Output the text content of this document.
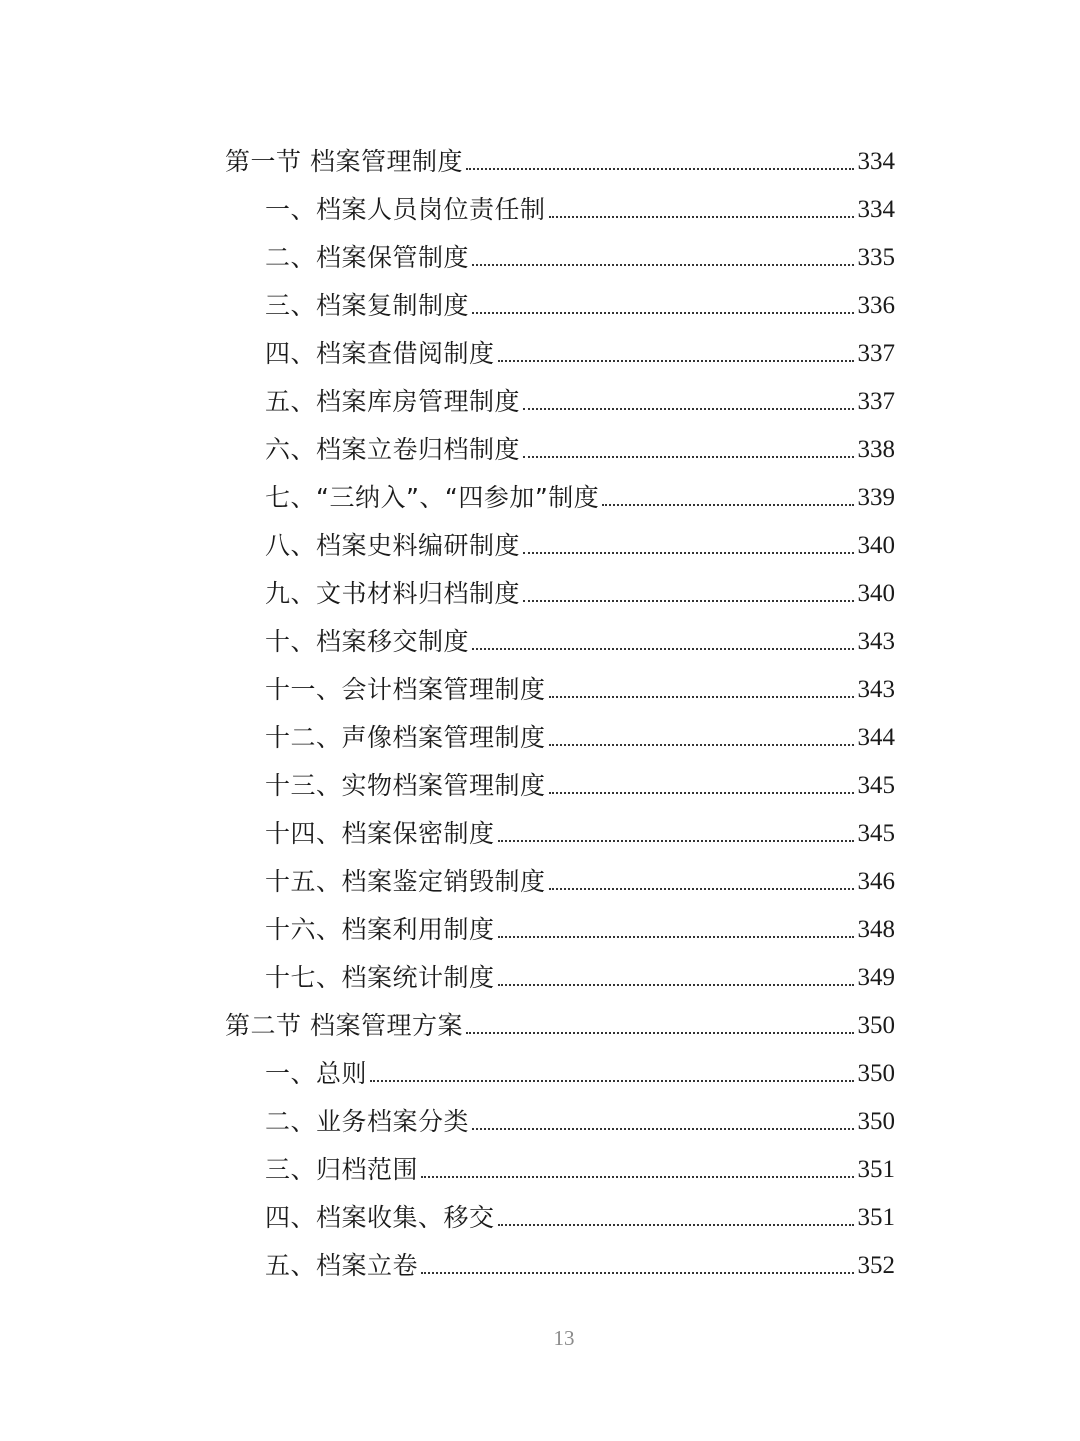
第一节 档案管理制度	334
一、档案人员岗位责任制	334
二、档案保管制度	335
三、档案复制制度	336
四、档案查借阅制度	337
五、档案库房管理制度	337
六、档案立卷归档制度	338
七、“三纳入”、“四参加”制度	339
八、档案史料编研制度	340
九、文书材料归档制度	340
十、档案移交制度	343
十一、会计档案管理制度	343
十二、声像档案管理制度	344
十三、实物档案管理制度	345
十四、档案保密制度	345
十五、档案鉴定销毁制度	346
十六、档案利用制度	348
十七、档案统计制度	349
第二节 档案管理方案	350
一、总则	350
二、业务档案分类	350
三、归档范围	351
四、档案收集、移交	351
五、档案立卷	352
13
